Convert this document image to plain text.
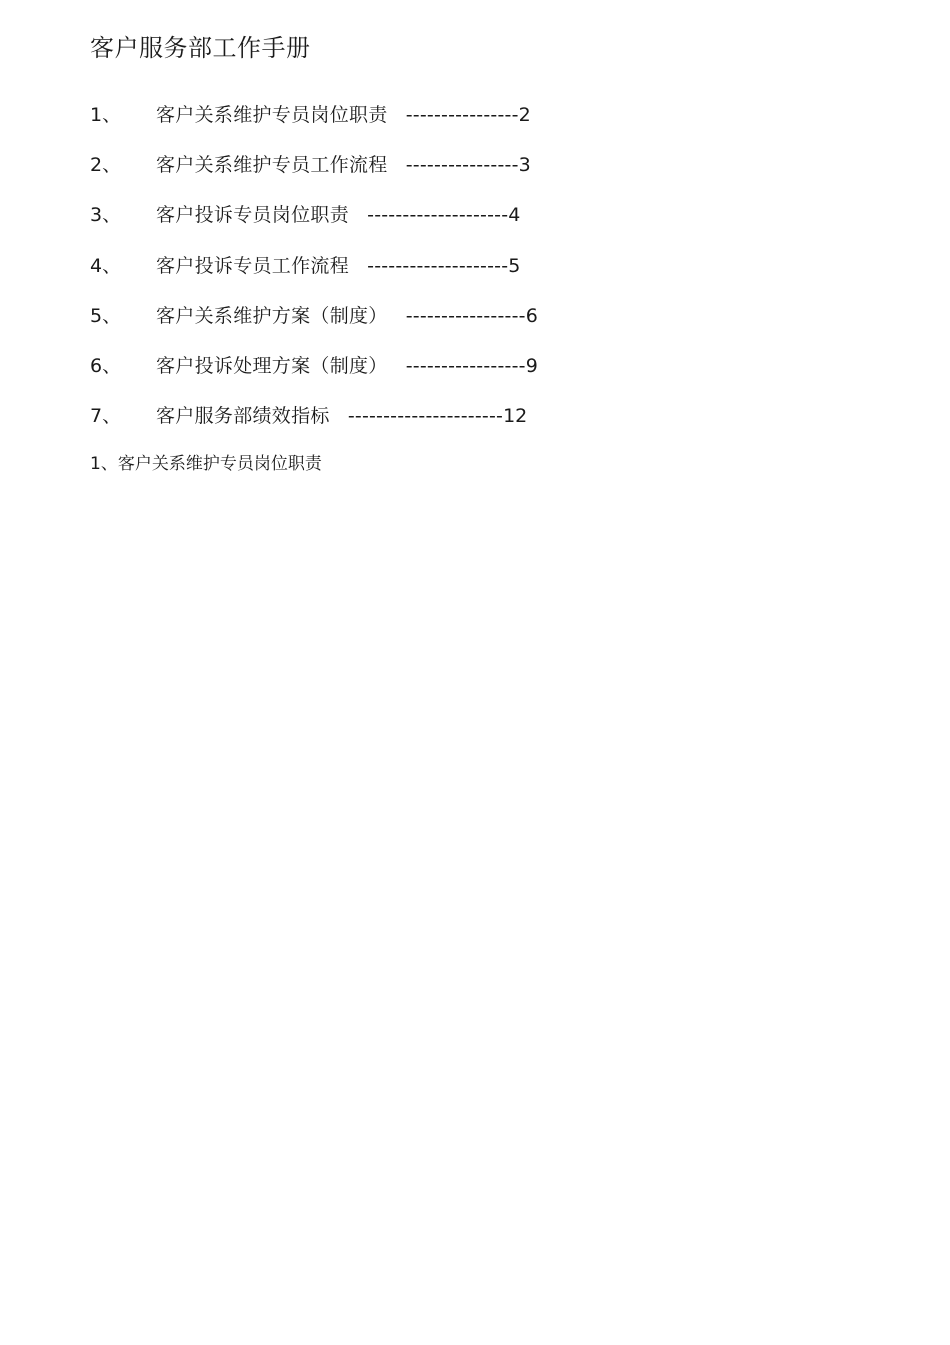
客户服务部工作手册
1、	客户关系维护专员岗位职责 ----------------2
2、	客户关系维护专员工作流程 ----------------3
3、	客户投诉专员岗位职责 --------------------4
4、	客户投诉专员工作流程 --------------------5
5、	客户关系维护方案（制度） -----------------6
6、	客户投诉处理方案（制度） -----------------9
7、	客户服务部绩效指标 ----------------------12
1、客户关系维护专员岗位职责
